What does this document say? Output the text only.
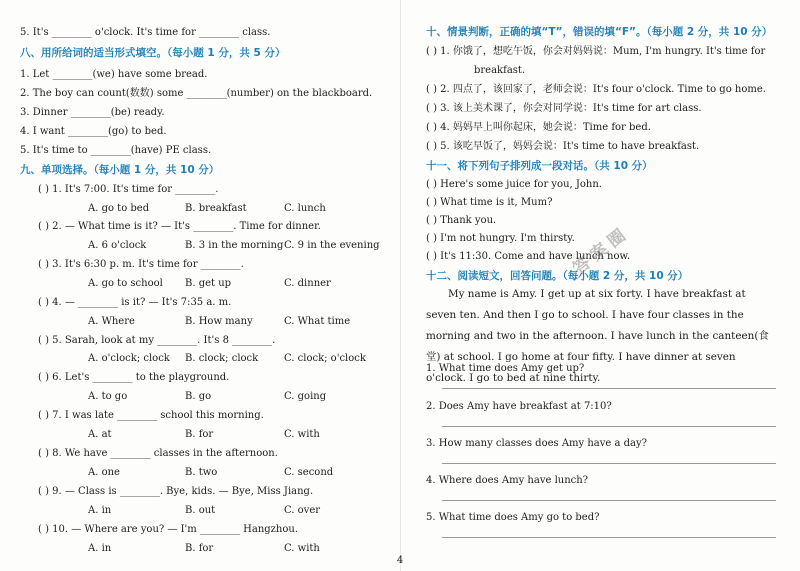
5. It's ________ o'clock. It's time for ________ class.
八、用所给词的适当形式填空。（每小题 1 分，共 5 分）
1. Let ________(we) have some bread.
2. The boy can count(数数) some ________(number) on the blackboard.
3. Dinner ________(be) ready.
4. I want ________(go) to bed.
5. It's time to ________(have) PE class.
九、单项选择。（每小题 1 分，共 10 分）
( ) 1. It's 7:00. It's time for ________.
A. go to bed	B. breakfast	C. lunch
( ) 2. — What time is it? — It's ________. Time for dinner.
A. 6 o'clock	B. 3 in the morning C. 9 in the evening
( ) 3. It's 6:30 p. m. It's time for ________.
A. go to school B. get up	C. dinner
( ) 4. — ________ is it? — It's 7:35 a. m.
A. Where	B. How many	C. What time
( ) 5. Sarah, look at my ________. It's 8 ________.
A. o'clock; clock B. clock; clock	C. clock; o'clock
( ) 6. Let's ________ to the playground.
A. to go	B. go	C. going
( ) 7. I was late ________ school this morning.
A. at	B. for	C. with
( ) 8. We have ________ classes in the afternoon.
A. one	B. two	C. second
( ) 9. — Class is ________. Bye, kids. — Bye, Miss Jiang.
A. in	B. out	C. over
( ) 10. — Where are you? — I'm ________ Hangzhou.
A. in	B. for	C. with
十、情景判断，正确的填“T”，错误的填“F”。（每小题 2 分，共 10 分）
( ) 1. 你饿了，想吃午饭，你会对妈妈说：Mum, I'm hungry. It's time for
breakfast.
( ) 2. 四点了，该回家了，老师会说：It's four o'clock. Time to go home.
( ) 3. 该上美术课了，你会对同学说：It's time for art class.
( ) 4. 妈妈早上叫你起床，她会说：Time for bed.
( ) 5. 该吃早饭了，妈妈会说：It's time to have breakfast.
十一、将下列句子排列成一段对话。（共 10 分）
( ) Here's some juice for you, John.
( ) What time is it, Mum?
( ) Thank you.
( ) I'm not hungry. I'm thirsty.
( ) It's 11:30. Come and have lunch now.
十二、阅读短文，回答问题。（每小题 2 分，共 10 分）
My name is Amy. I get up at six forty. I have breakfast at seven ten. And then I go to school. I have four classes in the morning and two in the afternoon. I have lunch in the canteen(食堂) at school. I go home at four fifty. I have dinner at seven o'clock. I go to bed at nine thirty.
1. What time does Amy get up?
2. Does Amy have breakfast at 7:10?
3. How many classes does Amy have a day?
4. Where does Amy have lunch?
5. What time does Amy go to bed?
答案圈
4
